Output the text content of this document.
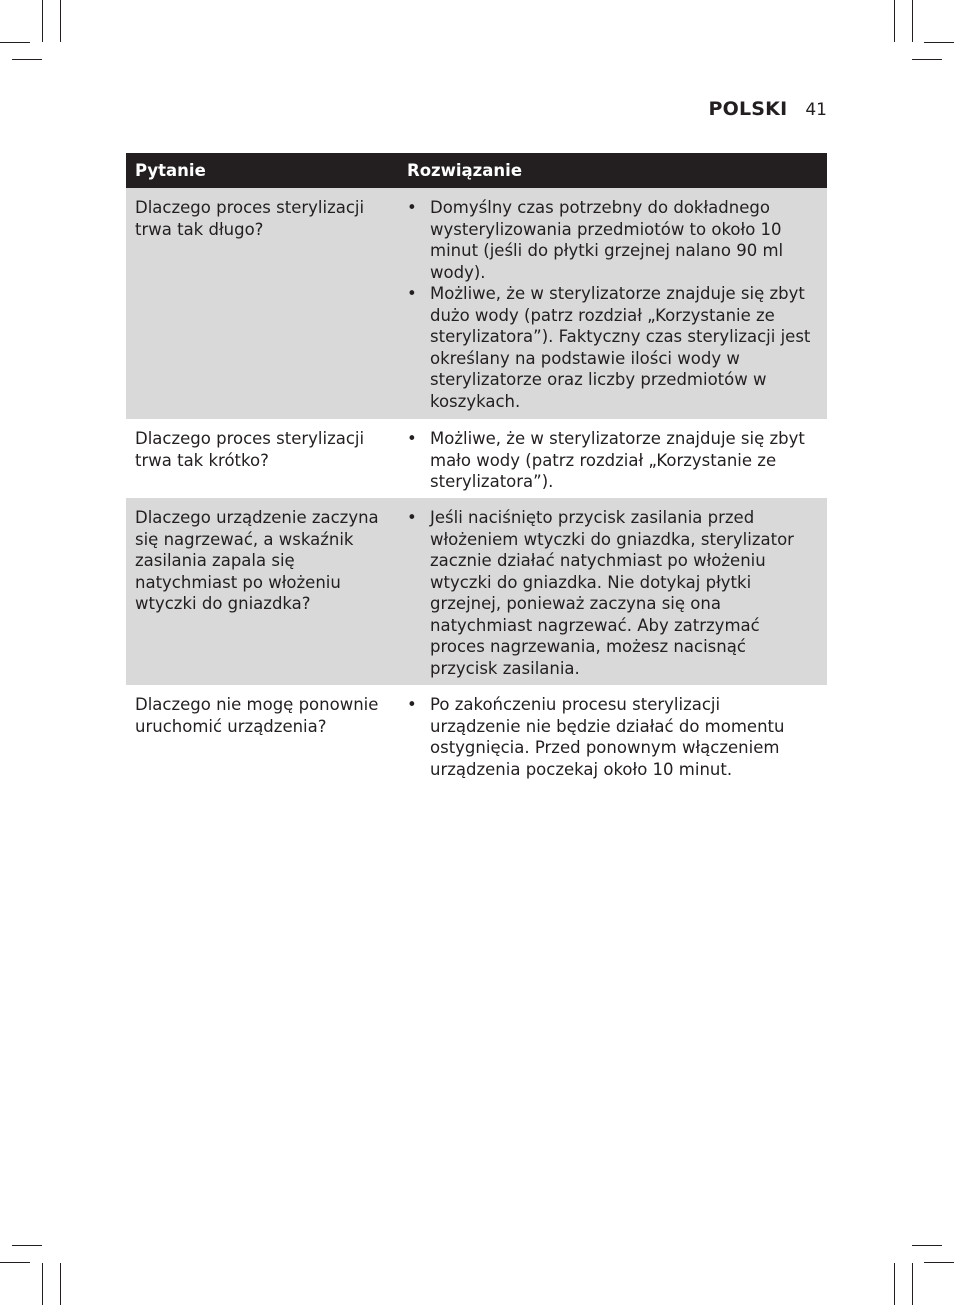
POLSKI 41
Pytanie	Rozwiązanie
Dlaczego proces sterylizacji trwa tak długo?
• Domyślny czas potrzebny do dokładnego wysterylizowania przedmiotów to około 10 minut (jeśli do płytki grzejnej nalano 90 ml wody).
• Możliwe, że w sterylizatorze znajduje się zbyt dużo wody (patrz rozdział „Korzystanie ze sterylizatora”). Faktyczny czas sterylizacji jest określany na podstawie ilości wody w sterylizatorze oraz liczby przedmiotów w koszykach.
Dlaczego proces sterylizacji trwa tak krótko?
• Możliwe, że w sterylizatorze znajduje się zbyt mało wody (patrz rozdział „Korzystanie ze sterylizatora”).
Dlaczego urządzenie zaczyna się nagrzewać, a wskaźnik zasilania zapala się natychmiast po włożeniu wtyczki do gniazdka?
• Jeśli naciśnięto przycisk zasilania przed włożeniem wtyczki do gniazdka, sterylizator zacznie działać natychmiast po włożeniu wtyczki do gniazdka. Nie dotykaj płytki grzejnej, ponieważ zaczyna się ona natychmiast nagrzewać. Aby zatrzymać proces nagrzewania, możesz nacisnąć przycisk zasilania.
Dlaczego nie mogę ponownie uruchomić urządzenia?
• Po zakończeniu procesu sterylizacji urządzenie nie będzie działać do momentu ostygnięcia. Przed ponownym włączeniem urządzenia poczekaj około 10 minut.
